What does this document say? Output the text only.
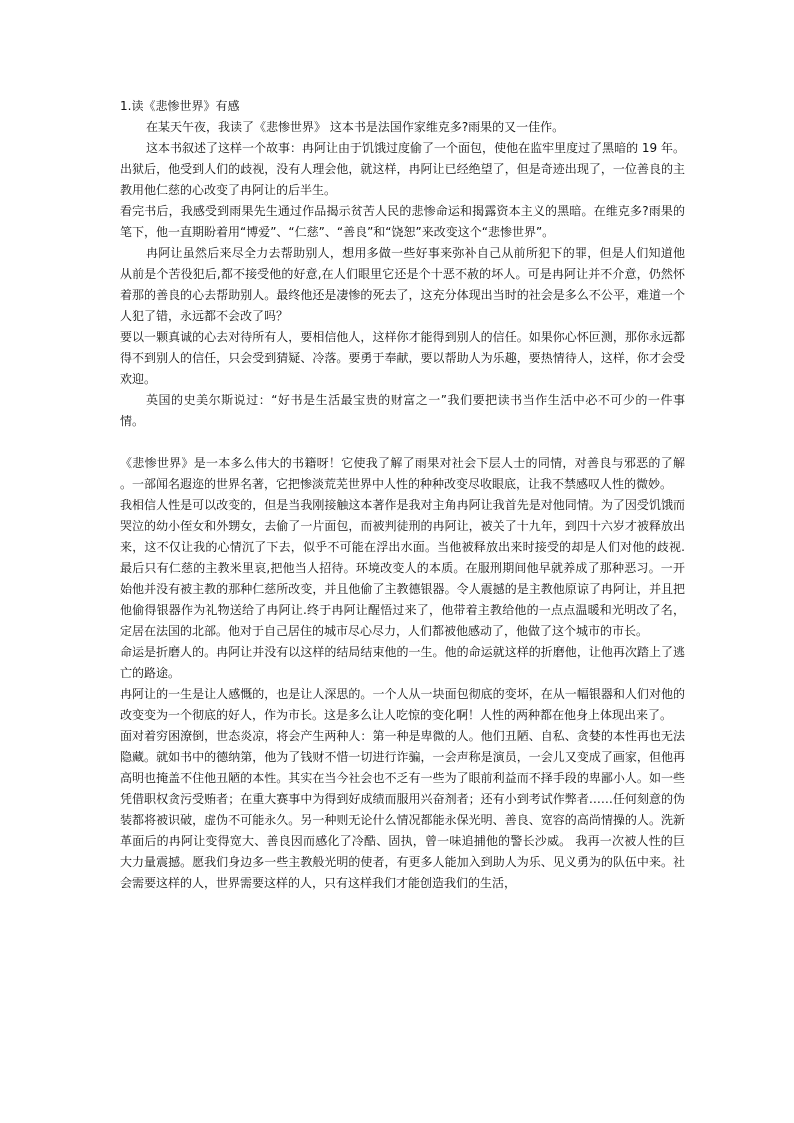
1.读《悲惨世界》有感

在某天午夜，我读了《悲惨世界》 这本书是法国作家维克多?雨果的又一佳作。

这本书叙述了这样一个故事：冉阿让由于饥饿过度偷了一个面包，使他在监牢里度过了黑暗的 19 年。出狱后，他受到人们的歧视，没有人理会他，就这样，冉阿让已经绝望了，但是奇迹出现了，一位善良的主教用他仁慈的心改变了冉阿让的后半生。

看完书后，我感受到雨果先生通过作品揭示贫苦人民的悲惨命运和揭露资本主义的黑暗。在维克多?雨果的笔下，他一直期盼着用“博爱”、“仁慈”、“善良”和“饶恕”来改变这个“悲惨世界”。

冉阿让虽然后来尽全力去帮助别人，想用多做一些好事来弥补自己从前所犯下的罪，但是人们知道他从前是个苦役犯后,都不接受他的好意,在人们眼里它还是个十恶不赦的坏人。可是冉阿让并不介意，仍然怀着那的善良的心去帮助别人。最终他还是凄惨的死去了，这充分体现出当时的社会是多么不公平，难道一个人犯了错，永远都不会改了吗？

要以一颗真诚的心去对待所有人，要相信他人，这样你才能得到别人的信任。如果你心怀叵测，那你永远都得不到别人的信任，只会受到猜疑、冷落。要勇于奉献，要以帮助人为乐趣，要热情待人，这样，你才会受欢迎。

英国的史美尔斯说过：“好书是生活最宝贵的财富之一”我们要把读书当作生活中必不可少的一件事情。

《悲惨世界》是一本多么伟大的书籍呀！它使我了解了雨果对社会下层人士的同情，对善良与邪恶的了解 。一部闻名遐迩的世界名著，它把惨淡荒芜世界中人性的种种改变尽收眼底，让我不禁感叹人性的微妙。

我相信人性是可以改变的，但是当我刚接触这本著作是我对主角冉阿让我首先是对他同情。为了因受饥饿而哭泣的幼小侄女和外甥女，去偷了一片面包，而被判徒刑的冉阿让，被关了十九年，到四十六岁才被释放出来，这不仅让我的心情沉了下去，似乎不可能在浮出水面。当他被释放出来时接受的却是人们对他的歧视.最后只有仁慈的主教米里哀,把他当人招待。环境改变人的本质。在服刑期间他早就养成了那种恶习。一开始他并没有被主教的那种仁慈所改变，并且他偷了主教德银器。令人震撼的是主教他原谅了冉阿让，并且把他偷得银器作为礼物送给了冉阿让.终于冉阿让醒悟过来了，他带着主教给他的一点点温暖和光明改了名，定居在法国的北部。他对于自己居住的城市尽心尽力，人们都被他感动了，他做了这个城市的市长。

命运是折磨人的。冉阿让并没有以这样的结局结束他的一生。他的命运就这样的折磨他，让他再次踏上了逃亡的路途。

冉阿让的一生是让人感慨的，也是让人深思的。一个人从一块面包彻底的变坏，在从一幅银器和人们对他的改变变为一个彻底的好人，作为市长。这是多么让人吃惊的变化啊！人性的两种都在他身上体现出来了。

面对着穷困潦倒，世态炎凉，将会产生两种人：第一种是卑微的人。他们丑陋、自私、贪婪的本性再也无法隐藏。就如书中的德纳第，他为了钱财不惜一切进行诈骗，一会声称是演员，一会儿又变成了画家，但他再高明也掩盖不住他丑陋的本性。其实在当今社会也不乏有一些为了眼前利益而不择手段的卑鄙小人。如一些凭借职权贪污受贿者；在重大赛事中为得到好成绩而服用兴奋剂者；还有小到考试作弊者……任何刻意的伪装都将被识破，虚伪不可能永久。另一种则无论什么情况都能永保光明、善良、宽容的高尚情操的人。洗新革面后的冉阿让变得宽大、善良因而感化了冷酷、固执，曾一味追捕他的警长沙威。 我再一次被人性的巨大力量震撼。愿我们身边多一些主教般光明的使者，有更多人能加入到助人为乐、见义勇为的队伍中来。社会需要这样的人，世界需要这样的人，只有这样我们才能创造我们的生活，
